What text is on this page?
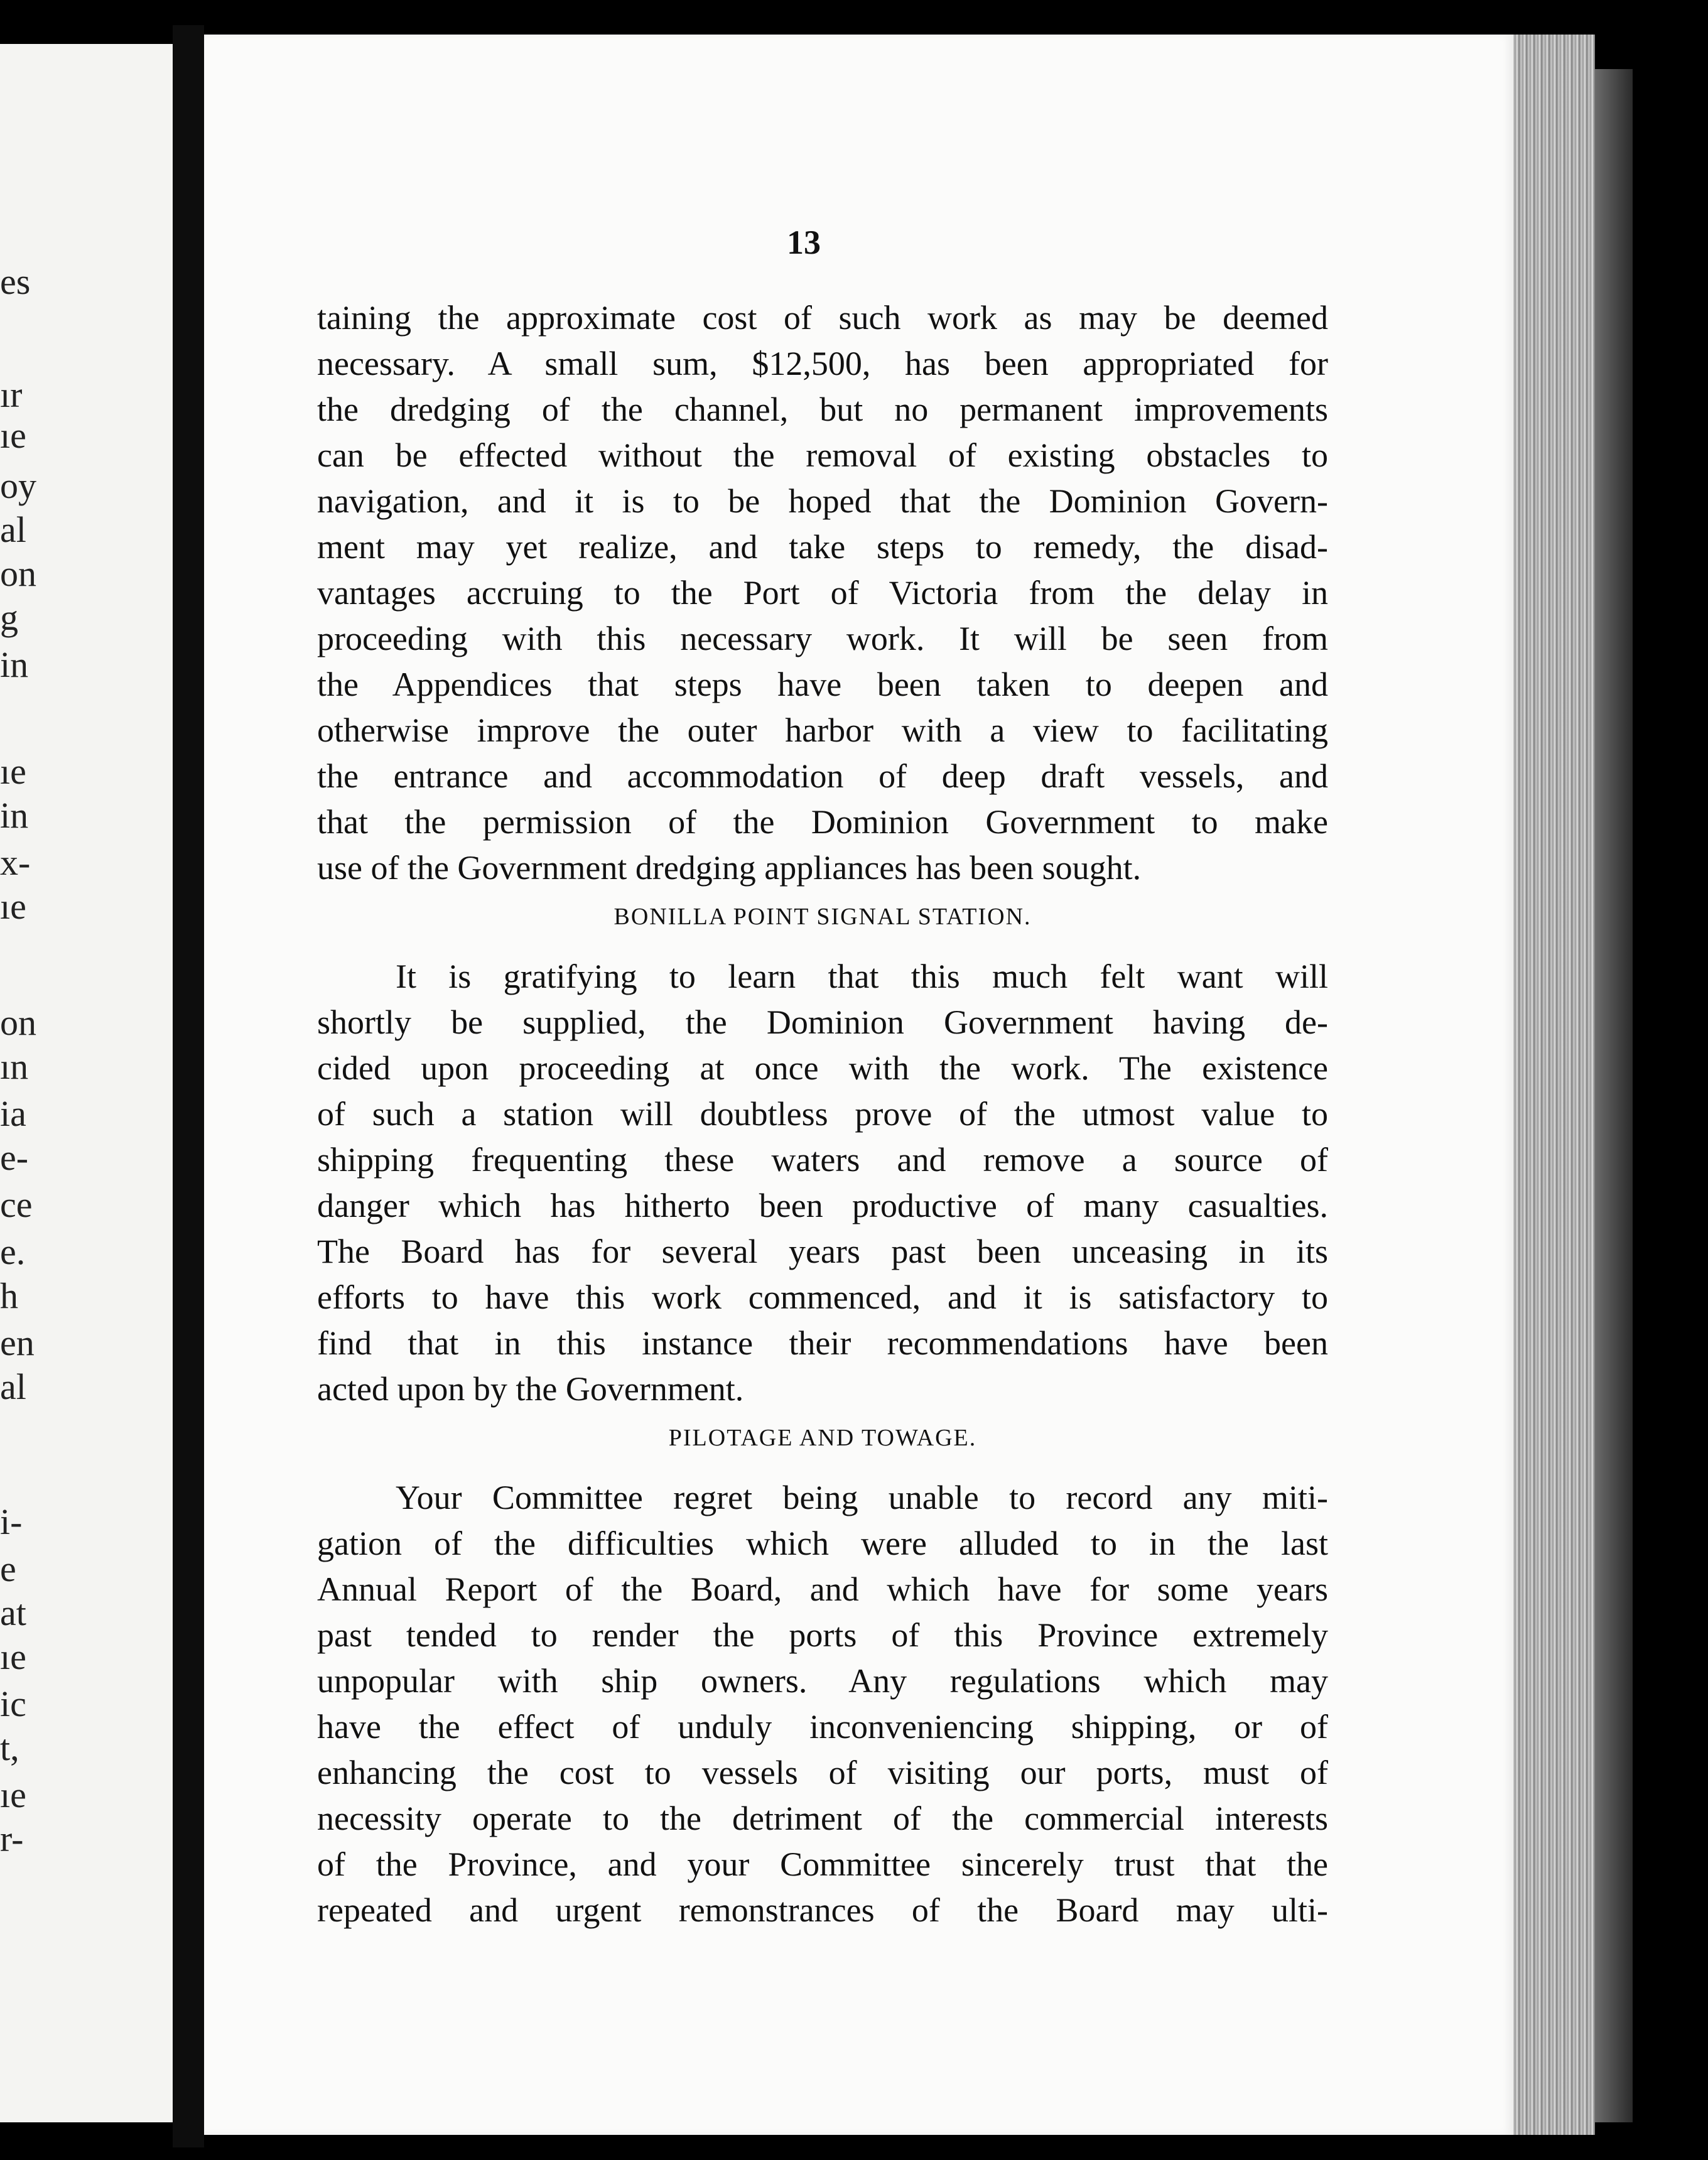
es
ır
ıe
oy
al
on
g
in
ıe
in
x-
ıe
on
ın
ia
e-
ce
e.
h
en
al
i-
e
at
ıe
ic
t,
ıe
r-
13
taining the approximate cost of such work as may be deemed
necessary. A small sum, $12,500, has been appropriated for
the dredging of the channel, but no permanent improvements
can be effected without the removal of existing obstacles to
navigation, and it is to be hoped that the Dominion Govern-
ment may yet realize, and take steps to remedy, the disad-
vantages accruing to the Port of Victoria from the delay in
proceeding with this necessary work. It will be seen from
the Appendices that steps have been taken to deepen and
otherwise improve the outer harbor with a view to facilitating
the entrance and accommodation of deep draft vessels, and
that the permission of the Dominion Government to make
use of the Government dredging appliances has been sought.
BONILLA POINT SIGNAL STATION.
It is gratifying to learn that this much felt want will
shortly be supplied, the Dominion Government having de-
cided upon proceeding at once with the work. The existence
of such a station will doubtless prove of the utmost value to
shipping frequenting these waters and remove a source of
danger which has hitherto been productive of many casualties.
The Board has for several years past been unceasing in its
efforts to have this work commenced, and it is satisfactory to
find that in this instance their recommendations have been
acted upon by the Government.
PILOTAGE AND TOWAGE.
Your Committee regret being unable to record any miti-
gation of the difficulties which were alluded to in the last
Annual Report of the Board, and which have for some years
past tended to render the ports of this Province extremely
unpopular with ship owners. Any regulations which may
have the effect of unduly inconveniencing shipping, or of
enhancing the cost to vessels of visiting our ports, must of
necessity operate to the detriment of the commercial interests
of the Province, and your Committee sincerely trust that the
repeated and urgent remonstrances of the Board may ulti-
